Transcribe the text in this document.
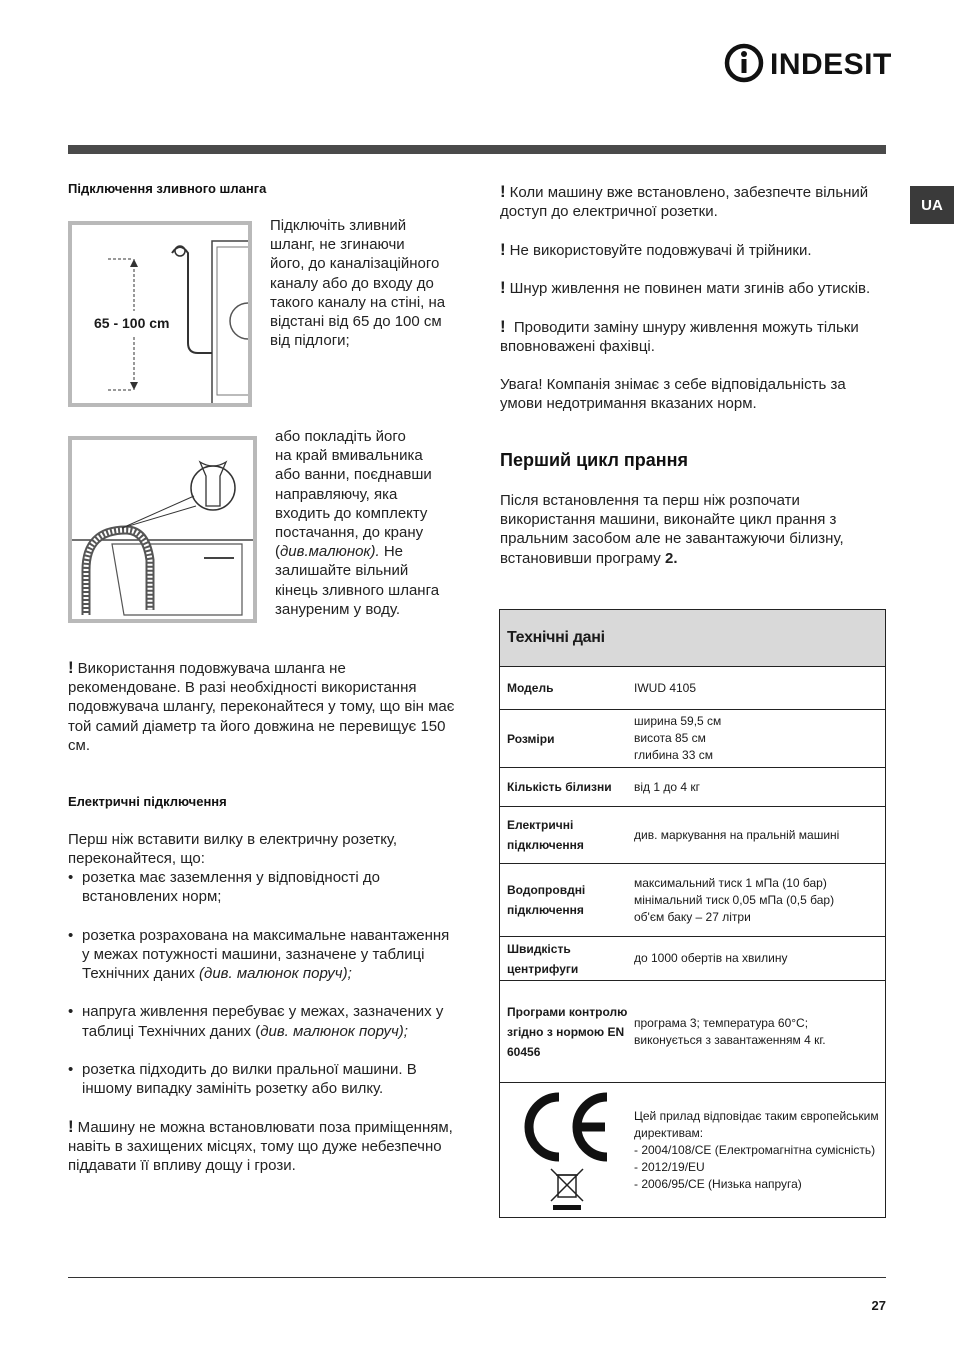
INDESIT
UA
Підключення зливного шланга
65 - 100 cm

Підключіть зливний

шланг, не згинаючи

його, до каналізаційного

каналу або до входу до

такого каналу на стіні, на

відстані від 65 до 100 см

від підлоги;

або покладіть його

на край вмивальника

або ванни, поєднавши

направляючу, яка

входить до комплекту

постачання, до крану

(див.малюнок). Не

залишайте вільний

кінець зливного шланга

зануреним у воду.

! Використання подовжувача шланга не рекомендоване. В разі необхідності використання подовжувача шлангу, переконайтеся у тому, що він має той самий діаметр та його довжина не перевищує 150 см.
Електричні підключення
Перш ніж вставити вилку в електричну розетку, переконайтеся, що:
• розетка має заземлення у відповідності до встановлених норм;
• розетка розрахована на максимальне навантаження у межах потужності машини, зазначене у таблиці Технічних даних (див. малюнок поруч);
• напруга живлення перебуває у межах, зазначених у таблиці Технічних даних (див. малюнок поруч);
• розетка підходить до вилки пральної машини. В іншому випадку замініть розетку або вилку.
! Машину не можна встановлювати поза приміщенням, навіть в захищених місцях, тому що дуже небезпечно піддавати її впливу дощу і грози.
! Коли машину вже встановлено, забезпечте вільний доступ до електричної розетки.
! Не використовуйте подовжувачі й трійники.
! Шнур живлення не повинен мати згинів або утисків.
! Проводити заміну шнуру живлення можуть тільки вповноважені фахівці.
Увага! Компанія знімає з себе відповідальність за умови недотримання вказаних норм.
Перший цикл прання
Після встановлення та перш ніж розпочати використання машини, виконайте цикл прання з пральним засобом але не завантажуючи білизну, встановивши програму 2.
Технічні дані
Модель	IWUD 4105
Розміри
ширина 59,5 см
висота 85 см
глибина 33 см
Кількість білизни	від 1 до 4 кг
Електричні підключення
див. маркування на пральній машині
Водопровдні підключення
максимальний тиск 1 мПа (10 бар)
мінімальний тиск 0,05 мПа (0,5 бар)
об'єм баку – 27 літри
Швидкість центрифуги
до 1000 обертів на хвилину
Програми контролю згідно з нормою EN 60456
програма 3; температура 60°С;
виконується з завантаженням 4 кг.
Цей прилад відповідає таким європейським директивам:
- 2004/108/CE (Електромагнітна сумісність)
- 2012/19/EU
- 2006/95/CE (Низька напруга)
27
